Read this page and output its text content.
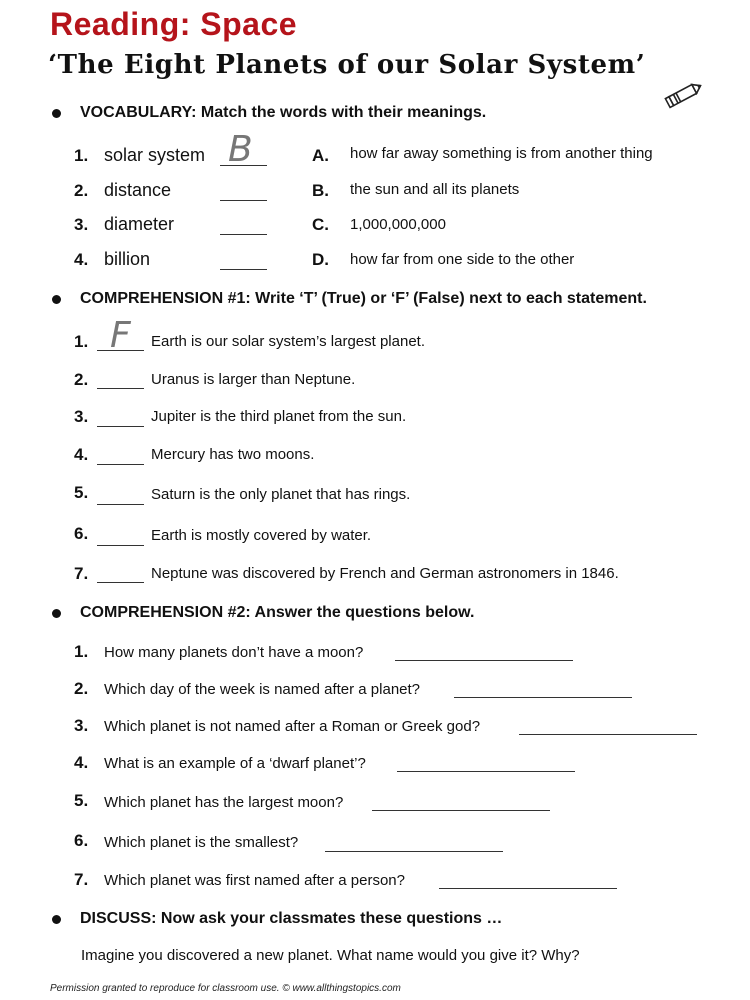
Reading: Space
‘The Eight Planets of our Solar System’
VOCABULARY: Match the words with their meanings.
1. solar system B	A. how far away something is from another thing
2. distance	B. the sun and all its planets
3. diameter	C. 1,000,000,000
4. billion	D. how far from one side to the other
COMPREHENSION #1: Write ‘T’ (True) or ‘F’ (False) next to each statement.
1. F Earth is our solar system’s largest planet.
2.	Uranus is larger than Neptune.
3.	Jupiter is the third planet from the sun.
4.	Mercury has two moons.
5.	Saturn is the only planet that has rings.
6.	Earth is mostly covered by water.
7.	Neptune was discovered by French and German astronomers in 1846.
COMPREHENSION #2: Answer the questions below.
1. How many planets don’t have a moon?
2. Which day of the week is named after a planet?
3. Which planet is not named after a Roman or Greek god?
4. What is an example of a ‘dwarf planet’?
5. Which planet has the largest moon?
6. Which planet is the smallest?
7. Which planet was first named after a person?
DISCUSS: Now ask your classmates these questions …
Imagine you discovered a new planet. What name would you give it? Why?
Permission granted to reproduce for classroom use. © www.allthingstopics.com
